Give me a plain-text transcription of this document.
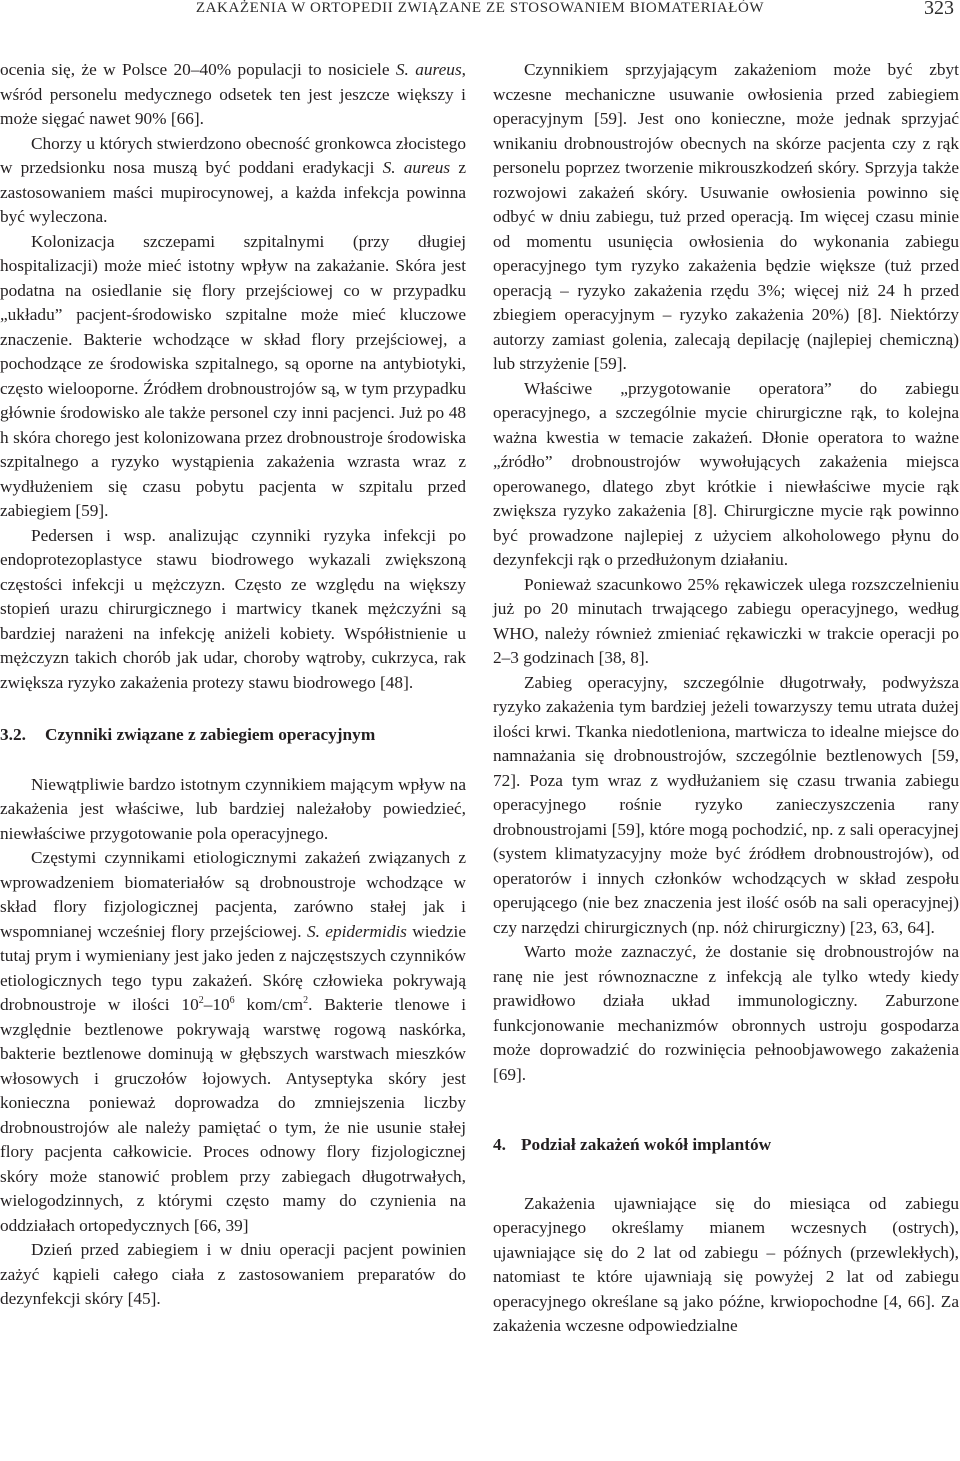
ZAKAŻENIA W ORTOPEDII ZWIĄZANE ZE STOSOWANIEM BIOMATERIAŁÓW	323

ocenia się, że w Polsce 20–40% populacji to nosiciele S. aureus, wśród personelu medycznego odsetek ten jest jeszcze większy i może sięgać nawet 90% [66].

Chorzy u których stwierdzono obecność gronkowca złocistego w przedsionku nosa muszą być poddani eradykacji S. aureus z zastosowaniem maści mupirocynowej, a każda infekcja powinna być wyleczona.

Kolonizacja szczepami szpitalnymi (przy długiej hospitalizacji) może mieć istotny wpływ na zakażanie. Skóra jest podatna na osiedlanie się flory przejściowej co w przypadku „układu” pacjent-środowisko szpitalne może mieć kluczowe znaczenie. Bakterie wchodzące w skład flory przejściowej, a pochodzące ze środowiska szpitalnego, są oporne na antybiotyki, często wielooporne. Źródłem drobnoustrojów są, w tym przypadku głównie środowisko ale także personel czy inni pacjenci. Już po 48 h skóra chorego jest kolonizowana przez drobnoustroje środowiska szpitalnego a ryzyko wystąpienia zakażenia wzrasta wraz z wydłużeniem się czasu pobytu pacjenta w szpitalu przed zabiegiem [59].

Pedersen i wsp. analizując czynniki ryzyka infekcji po endoprotezoplastyce stawu biodrowego wykazali zwiększoną częstości infekcji u mężczyzn. Często ze względu na większy stopień urazu chirurgicznego i martwicy tkanek mężczyźni są bardziej narażeni na infekcję aniżeli kobiety. Współistnienie u mężczyzn takich chorób jak udar, choroby wątroby, cukrzyca, rak zwiększa ryzyko zakażenia protezy stawu biodrowego [48].

3.2. Czynniki związane z zabiegiem operacyjnym

Niewątpliwie bardzo istotnym czynnikiem mającym wpływ na zakażenia jest właściwe, lub bardziej należałoby powiedzieć, niewłaściwe przygotowanie pola operacyjnego.

Częstymi czynnikami etiologicznymi zakażeń związanych z wprowadzeniem biomateriałów są drobnoustroje wchodzące w skład flory fizjologicznej pacjenta, zarówno stałej jak i wspomnianej wcześniej flory przejściowej. S. epidermidis wiedzie tutaj prym i wymieniany jest jako jeden z najczęstszych czynników etiologicznych tego typu zakażeń. Skórę człowieka pokrywają drobnoustroje w ilości $10^2-10^6$ kom/$cm^2$. Bakterie tlenowe i względnie beztlenowe pokrywają warstwę rogową naskórka, bakterie beztlenowe dominują w głębszych warstwach mieszków włosowych i gruczołów łojowych. Antyseptyka skóry jest konieczna ponieważ doprowadza do zmniejszenia liczby drobnoustrojów ale należy pamiętać o tym, że nie usunie stałej flory pacjenta całkowicie. Proces odnowy flory fizjologicznej skóry może stanowić problem przy zabiegach długotrwałych, wielogodzinnych, z którymi często mamy do czynienia na oddziałach ortopedycznych [66, 39]

Dzień przed zabiegiem i w dniu operacji pacjent powinien zażyć kąpieli całego ciała z zastosowaniem preparatów do dezynfekcji skóry [45].

Czynnikiem sprzyjającym zakażeniom może być zbyt wczesne mechaniczne usuwanie owłosienia przed zabiegiem operacyjnym [59]. Jest ono konieczne, może jednak sprzyjać wnikaniu drobnoustrojów obecnych na skórze pacjenta czy z rąk personelu poprzez tworzenie mikrouszkodzeń skóry. Sprzyja także rozwojowi zakażeń skóry. Usuwanie owłosienia powinno się odbyć w dniu zabiegu, tuż przed operacją. Im więcej czasu minie od momentu usunięcia owłosienia do wykonania zabiegu operacyjnego tym ryzyko zakażenia będzie większe (tuż przed operacją – ryzyko zakażenia rzędu 3%; więcej niż 24 h przed zbiegiem operacyjnym – ryzyko zakażenia 20%) [8]. Niektórzy autorzy zamiast golenia, zalecają depilację (najlepiej chemiczną) lub strzyżenie [59].

Właściwe „przygotowanie operatora” do zabiegu operacyjnego, a szczególnie mycie chirurgiczne rąk, to kolejna ważna kwestia w temacie zakażeń. Dłonie operatora to ważne „źródło” drobnoustrojów wywołujących zakażenia miejsca operowanego, dlatego zbyt krótkie i niewłaściwe mycie rąk zwiększa ryzyko zakażenia [8]. Chirurgiczne mycie rąk powinno być prowadzone najlepiej z użyciem alkoholowego płynu do dezynfekcji rąk o przedłużonym działaniu.

Ponieważ szacunkowo 25% rękawiczek ulega rozszczelnieniu już po 20 minutach trwającego zabiegu operacyjnego, według WHO, należy również zmieniać rękawiczki w trakcie operacji po 2–3 godzinach [38, 8].

Zabieg operacyjny, szczególnie długotrwały, podwyższa ryzyko zakażenia tym bardziej jeżeli towarzyszy temu utrata dużej ilości krwi. Tkanka niedotleniona, martwicza to idealne miejsce do namnażania się drobnoustrojów, szczególnie beztlenowych [59, 72]. Poza tym wraz z wydłużaniem się czasu trwania zabiegu operacyjnego rośnie ryzyko zanieczyszczenia rany drobnoustrojami [59], które mogą pochodzić, np. z sali operacyjnej (system klimatyzacyjny może być źródłem drobnoustrojów), od operatorów i innych członków wchodzących w skład zespołu operującego (nie bez znaczenia jest ilość osób na sali operacyjnej) czy narzędzi chirurgicznych (np. nóż chirurgiczny) [23, 63, 64].

Warto może zaznaczyć, że dostanie się drobnoustrojów na ranę nie jest równoznaczne z infekcją ale tylko wtedy kiedy prawidłowo działa układ immunologiczny. Zaburzone funkcjonowanie mechanizmów obronnych ustroju gospodarza może doprowadzić do rozwinięcia pełnoobjawowego zakażenia [69].

4. Podział zakażeń wokół implantów

Zakażenia ujawniające się do miesiąca od zabiegu operacyjnego określamy mianem wczesnych (ostrych), ujawniające się do 2 lat od zabiegu – późnych (przewlekłych), natomiast te które ujawniają się powyżej 2 lat od zabiegu operacyjnego określane są jako późne, krwiopochodne [4, 66]. Za zakażenia wczesne odpowiedzialne
